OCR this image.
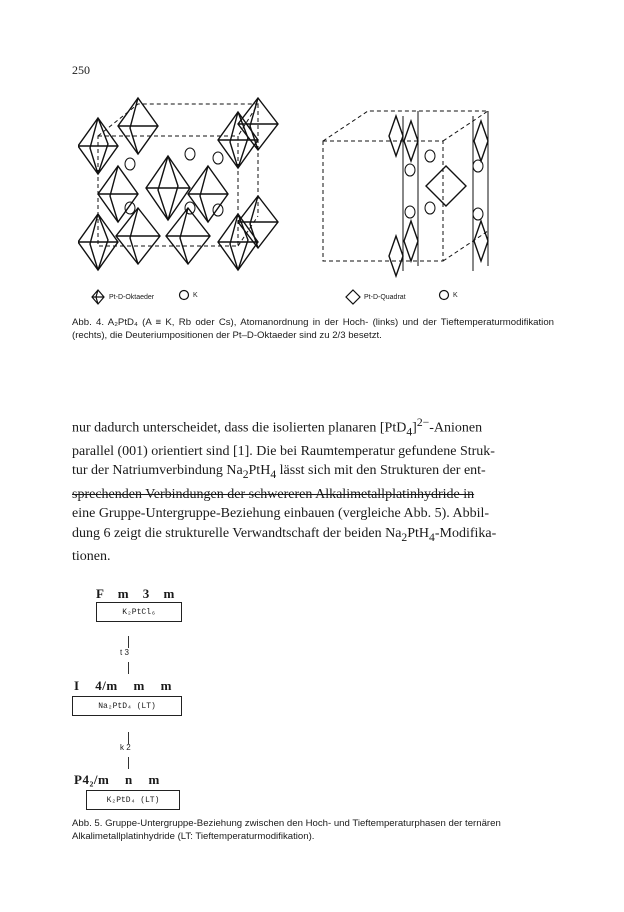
250
Pt-D-Oktaeder	K	Pt-D-Quadrat	K
Abb. 4. A₂PtD₄ (A ≡ K, Rb oder Cs), Atomanordnung in der Hoch- (links) und der Tieftemperaturmodifikation (rechts), die Deuteriumpositionen der Pt–D-Oktaeder sind zu 2/3 besetzt.

nur dadurch unterscheidet, dass die isolierten planaren $[PtD_4]^{2-}$-Anionen

parallel (001) orientiert sind [1]. Die bei Raumtemperatur gefundene Struk-

tur der Natriumverbindung $Na_2PtH_4$ lässt sich mit den Strukturen der ent-

sprechenden Verbindungen der schwereren Alkalimetallplatinhydride in

eine Gruppe-Untergruppe-Beziehung einbauen (vergleiche Abb. 5). Abbil-

dung 6 zeigt die strukturelle Verwandtschaft der beiden $Na_2PtH_4-Modifika-$

tionen.

F m 3 m
K₂PtCl₆
t 3
I 4/m m m
Na₂PtD₄ (LT)
k 2
P4₂/m n m
K₂PtD₄ (LT)
Abb. 5. Gruppe-Untergruppe-Beziehung zwischen den Hoch- und Tieftemperaturphasen der ternären Alkalimetallplatinhydride (LT: Tieftemperaturmodifikation).
